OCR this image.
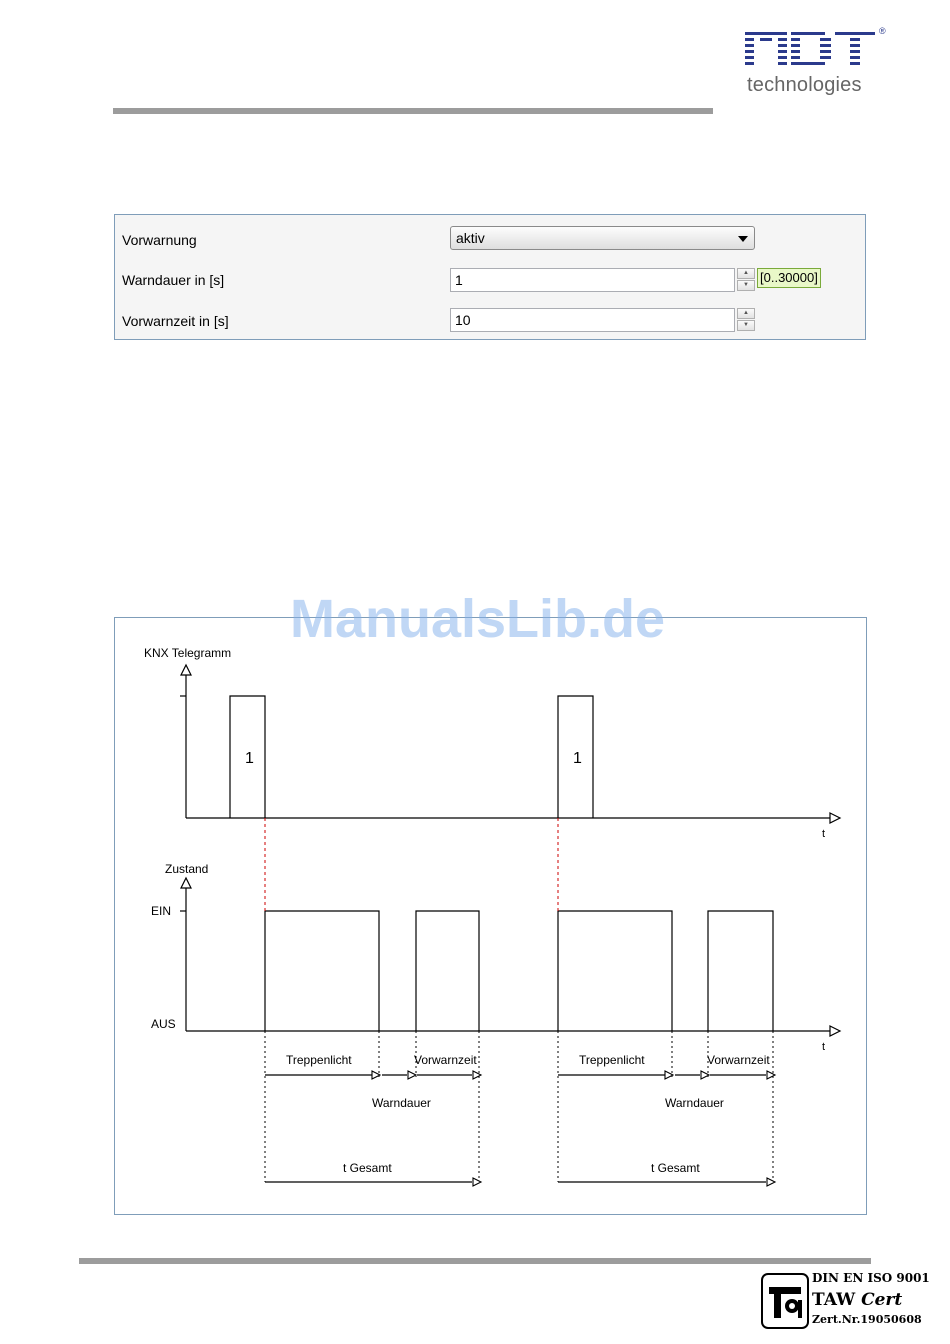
®
technologies
Vorwarnung	aktiv
Warndauer in [s]	1	▲
▼ [0..30000]
Vorwarnzeit in [s]	10	▲
▼
KNX Telegramm
1	1
t
Zustand
EIN
AUS
t
Treppenlicht	Vorwarnzeit
Warndauer
t Gesamt
Treppenlicht	Vorwarnzeit
Warndauer
t Gesamt
ManualsLib.de
DIN EN ISO 9001
TAW Cert
Zert.Nr.19050608
